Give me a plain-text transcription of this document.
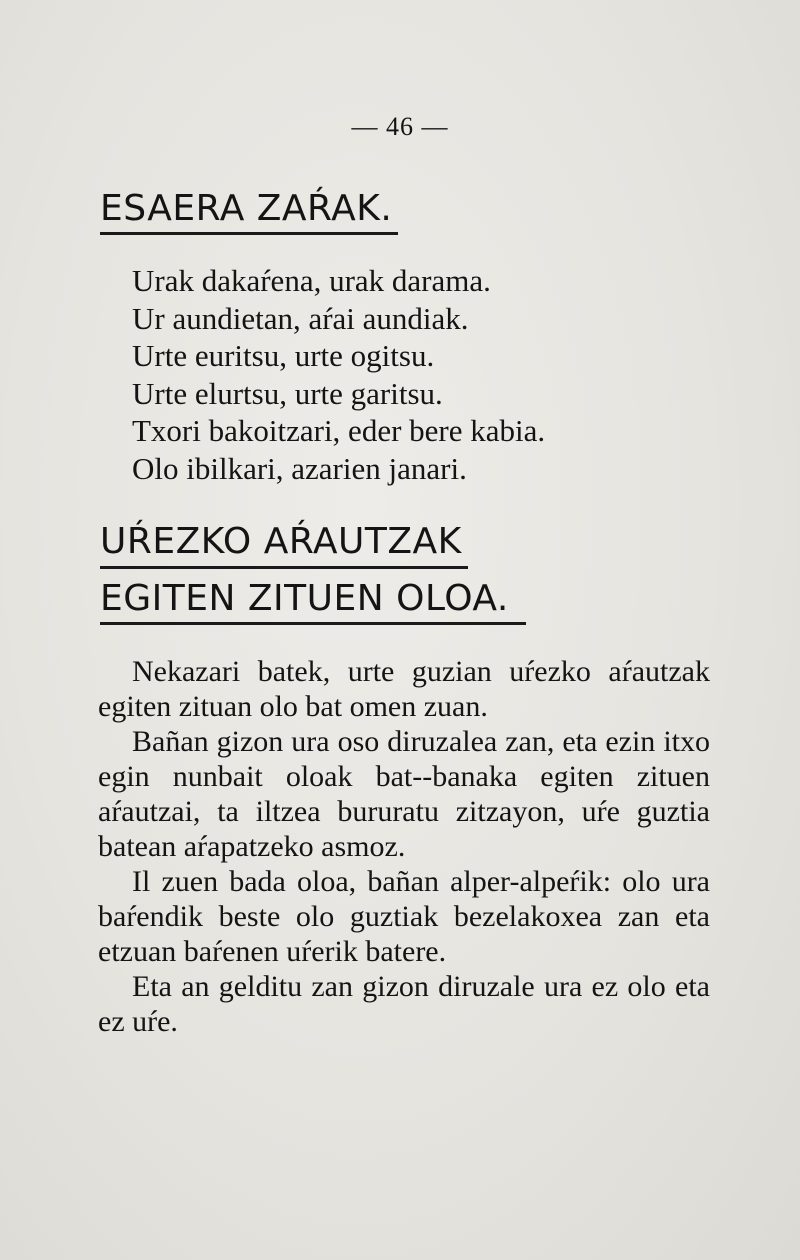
— 46 —
ESAERA ZAŔAK.
Urak dakaŕena, urak darama.
Ur aundietan, aŕai aundiak.
Urte euritsu, urte ogitsu.
Urte elurtsu, urte garitsu.
Txori bakoitzari, eder bere kabia.
Olo ibilkari, azarien janari.
UŔEZKO AŔAUTZAK
EGITEN ZITUEN OLOA.

Nekazari batek, urte guzian uŕezko aŕautzak egiten zituan olo bat omen zuan.

Bañan gizon ura oso diruzalea zan, eta ezin itxo egin nunbait oloak bat--banaka egiten zituen aŕautzai, ta iltzea bururatu zitzayon, uŕe guztia batean aŕapatzeko asmoz.

Il zuen bada oloa, bañan alper-alpeŕik: olo ura baŕendik beste olo guztiak bezelakoxea zan eta etzuan baŕenen uŕerik batere.

Eta an gelditu zan gizon diruzale ura ez olo eta ez uŕe.
